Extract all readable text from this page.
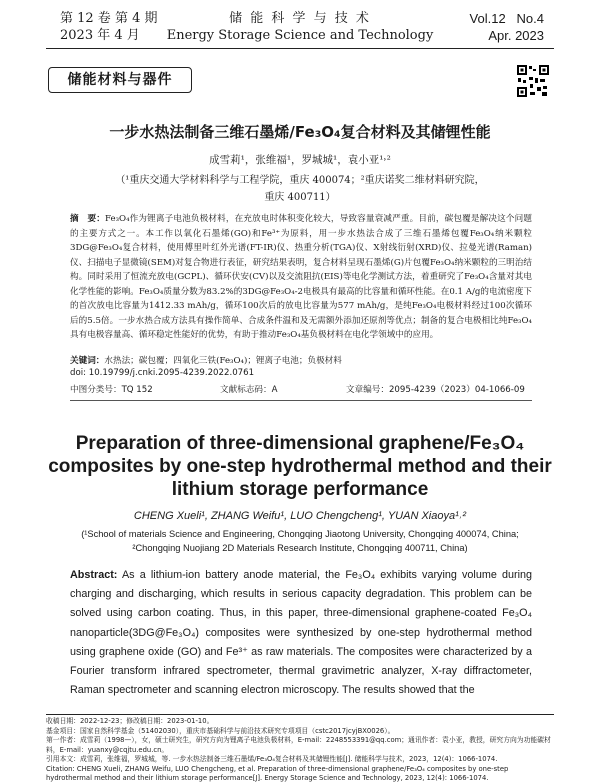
第 12 卷 第 4 期
2023 年 4 月
储 能 科 学 与 技 术
Energy Storage Science and Technology
Vol.12   No.4
Apr. 2023
储能材料与器件
一步水热法制备三维石墨烯/Fe₃O₄复合材料及其储锂性能
成雪莉¹，张维福¹，罗城城¹，袁小亚¹˒²
（¹重庆交通大学材料科学与工程学院，重庆 400074；²重庆诺奖二维材料研究院，
重庆 400711）
摘　要：Fe₃O₄作为锂离子电池负极材料，在充放电时体积变化较大，导致容量衰减严重。目前，碳包覆是解决这个问题的主要方式之一。本工作以氧化石墨烯(GO)和Fe³⁺为原料，用一步水热法合成了三维石墨烯包覆Fe₃O₄纳米颗粒3DG@Fe₃O₄复合材料，使用傅里叶红外光谱(FT-IR)仪、热重分析(TGA)仪、X射线衍射(XRD)仪、拉曼光谱(Raman)仪、扫描电子显微镜(SEM)对复合物进行表征，研究结果表明，复合材料呈现石墨烯(G)片包覆Fe₃O₄纳米颗粒的三明治结构。同时采用了恒流充放电(GCPL)、循环伏安(CV)以及交流阻抗(EIS)等电化学测试方法，着重研究了Fe₃O₄含量对其电化学性能的影响。Fe₃O₄质量分数为83.2%的3DG@Fe₃O₄-2电极具有最高的比容量和循环性能。在0.1 A/g的电流密度下的首次放电比容量为1412.33 mAh/g，循环100次后的放电比容量为577 mAh/g，是纯Fe₃O₄电极材料经过100次循环后的5.5倍。一步水热合成方法具有操作简单、合成条件温和及无需额外添加还原剂等优点；制备的复合电极相比纯Fe₃O₄具有电极容量高、循环稳定性能好的优势，有助于推动Fe₃O₄基负极材料在电化学领域中的应用。
关键词：水热法；碳包覆；四氧化三铁(Fe₃O₄)；锂离子电池；负极材料
doi: 10.19799/j.cnki.2095-4239.2022.0761
中图分类号：TQ 152	文献标志码：A	文章编号：2095-4239（2023）04-1066-09
Preparation of three-dimensional graphene/Fe₃O₄ composites by one-step hydrothermal method and their lithium storage performance
CHENG Xueli¹, ZHANG Weifu¹, LUO Chengcheng¹, YUAN Xiaoya¹˒²
(¹School of materials Science and Engineering, Chongqing Jiaotong University, Chongqing 400074, China; ²Chongqing Nuojiang 2D Materials Research Institute, Chongqing 400711, China)
Abstract: As a lithium-ion battery anode material, the Fe₃O₄ exhibits varying volume during charging and discharging, which results in serious capacity degradation. This problem can be solved using carbon coating. Thus, in this paper, three-dimensional graphene-coated Fe₃O₄ nanoparticle(3DG@Fe₃O₄) composites were synthesized by one-step hydrothermal method using graphene oxide (GO) and Fe³⁺ as raw materials. The composites were characterized by a Fourier transform infrared spectrometer, thermal gravimetric analyzer, X-ray diffractometer, Raman spectrometer and scanning electron microscopy. The results showed that the
收稿日期：2022-12-23；修改稿日期：2023-01-10。
基金项目：国家自然科学基金（51402030），重庆市基础科学与前沿技术研究专项项目（cstc2017jcyjBX0026）。
第一作者：成雪莉（1998—），女，硕士研究生，研究方向为锂离子电池负极材料，E-mail：2248553391@qq.com；通讯作者：袁小亚，教授，研究方向为功能碳材料，E-mail：yuanxy@cqjtu.edu.cn。
引用本文：成雪莉，张维福，罗城城，等. 一步水热法制备三维石墨烯/Fe₃O₄复合材料及其储锂性能[J]. 储能科学与技术，2023，12(4)：1066-1074.
Citation: CHENG Xueli, ZHANG Weifu, LUO Chengcheng, et al. Preparation of three-dimensional graphene/Fe₃O₄ composites by one-step hydrothermal method and their lithium storage performance[J]. Energy Storage Science and Technology, 2023, 12(4): 1066-1074.
